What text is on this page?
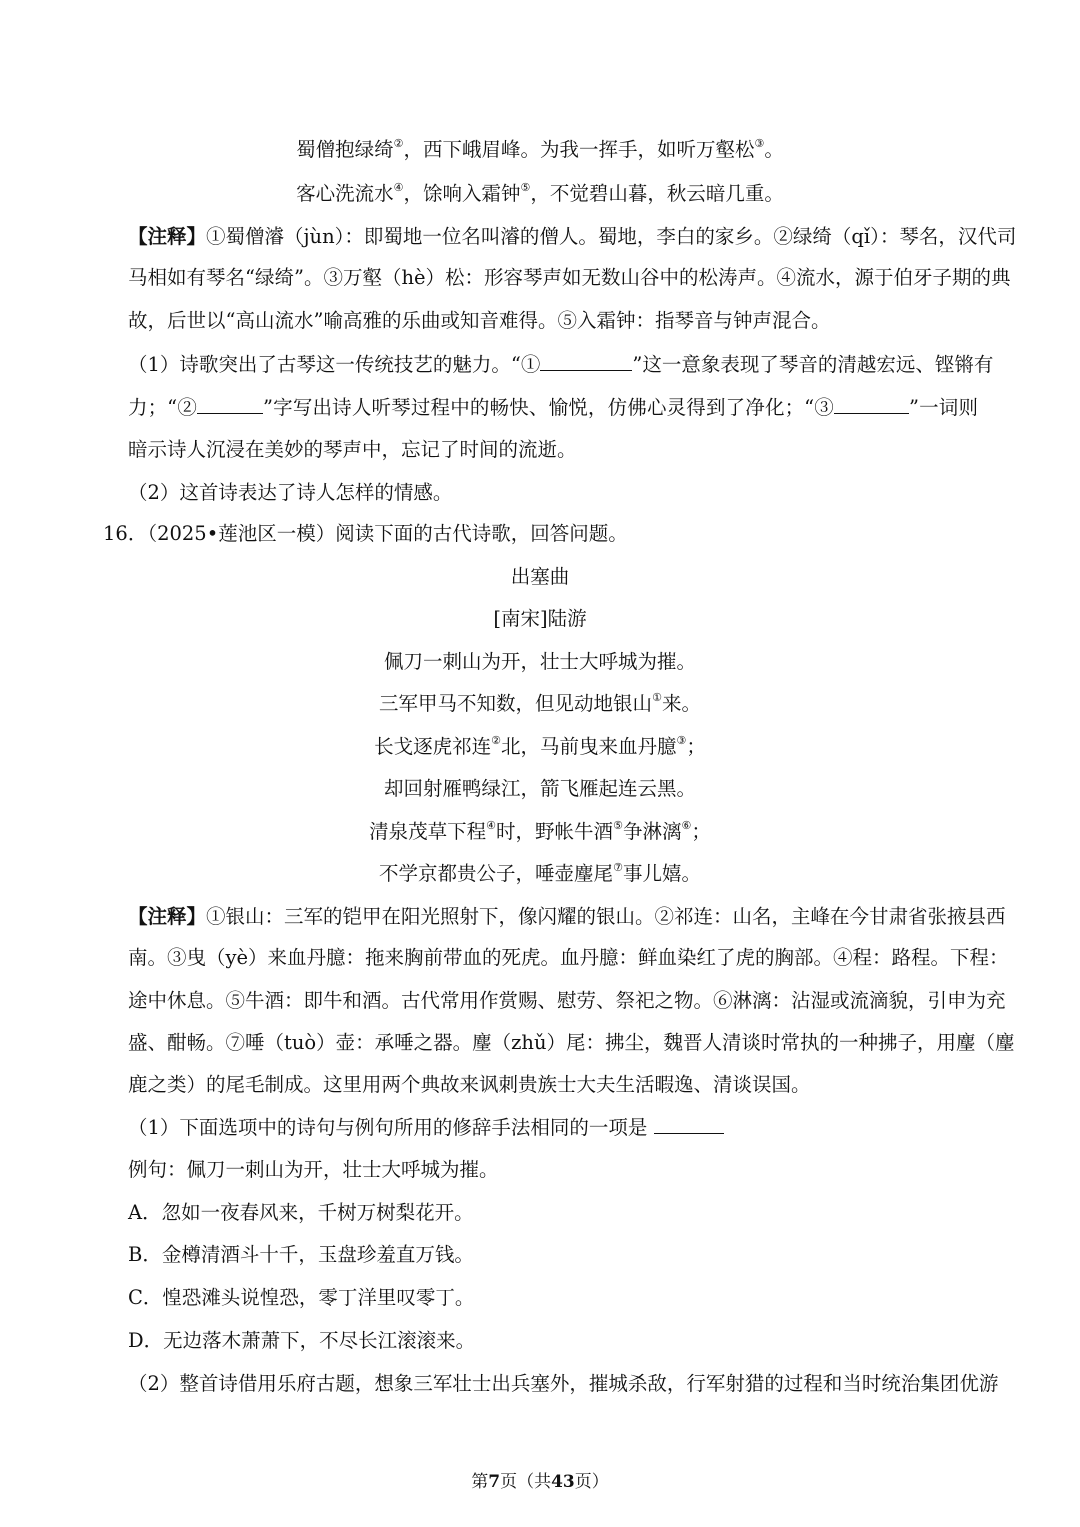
蜀僧抱绿绮②，西下峨眉峰。为我一挥手，如听万壑松③。
客心洗流水④，馀响入霜钟⑤，不觉碧山暮，秋云暗几重。
【注释】①蜀僧濬（jùn）：即蜀地一位名叫濬的僧人。蜀地，李白的家乡。②绿绮（qǐ）：琴名，汉代司
马相如有琴名“绿绮”。③万壑（hè）松：形容琴声如无数山谷中的松涛声。④流水，源于伯牙子期的典
故，后世以“高山流水”喻高雅的乐曲或知音难得。⑤入霜钟：指琴音与钟声混合。
（1）诗歌突出了古琴这一传统技艺的魅力。“①	”这一意象表现了琴音的清越宏远、铿锵有
力；“②	”字写出诗人听琴过程中的畅快、愉悦，仿佛心灵得到了净化；“③	”一词则
暗示诗人沉浸在美妙的琴声中，忘记了时间的流逝。
（2）这首诗表达了诗人怎样的情感。
16．（2025•莲池区一模）阅读下面的古代诗歌，回答问题。
出塞曲
[南宋]陆游
佩刀一刺山为开，壮士大呼城为摧。
三军甲马不知数，但见动地银山①来。
长戈逐虎祁连②北，马前曳来血丹臆③；
却回射雁鸭绿江，箭飞雁起连云黑。
清泉茂草下程④时，野帐牛酒⑤争淋漓⑥；
不学京都贵公子，唾壶麈尾⑦事儿嬉。
【注释】①银山：三军的铠甲在阳光照射下，像闪耀的银山。②祁连：山名，主峰在今甘肃省张掖县西
南。③曳（yè）来血丹臆：拖来胸前带血的死虎。血丹臆：鲜血染红了虎的胸部。④程：路程。下程：
途中休息。⑤牛酒：即牛和酒。古代常用作赏赐、慰劳、祭祀之物。⑥淋漓：沾湿或流滴貌，引申为充
盛、酣畅。⑦唾（tuò）壶：承唾之器。麈（zhǔ）尾：拂尘，魏晋人清谈时常执的一种拂子，用麈（麈
鹿之类）的尾毛制成。这里用两个典故来讽刺贵族士大夫生活暇逸、清谈误国。
（1）下面选项中的诗句与例句所用的修辞手法相同的一项是
例句：佩刀一刺山为开，壮士大呼城为摧。
A．忽如一夜春风来，千树万树梨花开。
B．金樽清酒斗十千，玉盘珍羞直万钱。
C．惶恐滩头说惶恐，零丁洋里叹零丁。
D．无边落木萧萧下，不尽长江滚滚来。
（2）整首诗借用乐府古题，想象三军壮士出兵塞外，摧城杀敌，行军射猎的过程和当时统治集团优游
第7页（共43页）
